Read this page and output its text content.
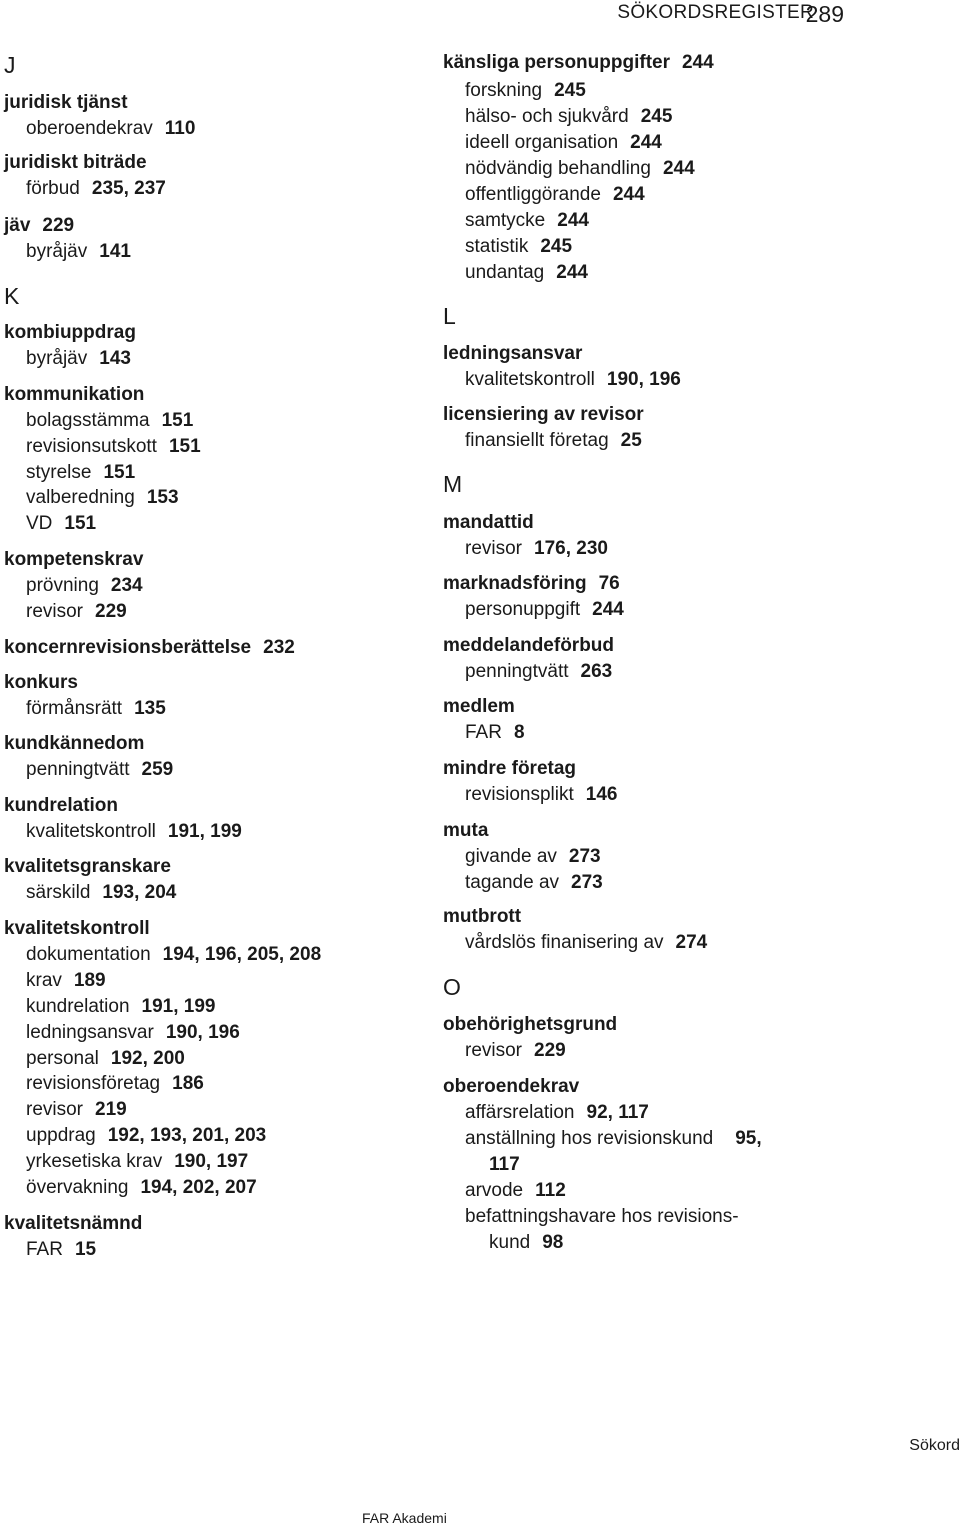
SÖKORDSREGISTER
289
J
juridisk tjänst
oberoendekrav 110
juridiskt biträde
förbud 235, 237
jäv 229
byråjäv 141
K
kombiuppdrag
byråjäv 143
kommunikation
bolagsstämma 151
revisionsutskott 151
styrelse 151
valberedning 153
VD 151
kompetenskrav
prövning 234
revisor 229
koncernrevisionsberättelse 232
konkurs
förmånsrätt 135
kundkännedom
penningtvätt 259
kundrelation
kvalitetskontroll 191, 199
kvalitetsgranskare
särskild 193, 204
kvalitetskontroll
dokumentation 194, 196, 205, 208
krav 189
kundrelation 191, 199
ledningsansvar 190, 196
personal 192, 200
revisionsföretag 186
revisor 219
uppdrag 192, 193, 201, 203
yrkesetiska krav 190, 197
övervakning 194, 202, 207
kvalitetsnämnd
FAR 15
känsliga personuppgifter 244
forskning 245
hälso- och sjukvård 245
ideell organisation 244
nödvändig behandling 244
offentliggörande 244
samtycke 244
statistik 245
undantag 244
L
ledningsansvar
kvalitetskontroll 190, 196
licensiering av revisor
finansiellt företag 25
M
mandattid
revisor 176, 230
marknadsföring 76
personuppgift 244
meddelandeförbud
penningtvätt 263
medlem
FAR 8
mindre företag
revisionsplikt 146
muta
givande av 273
tagande av 273
mutbrott
vårdslös finanisering av 274
O
obehörighetsgrund
revisor 229
oberoendekrav
affärsrelation 92, 117
anställning hos revisionskund 95,
117
arvode 112
befattningshavare hos revisions-
kund 98
Sökord
FAR Akademi
